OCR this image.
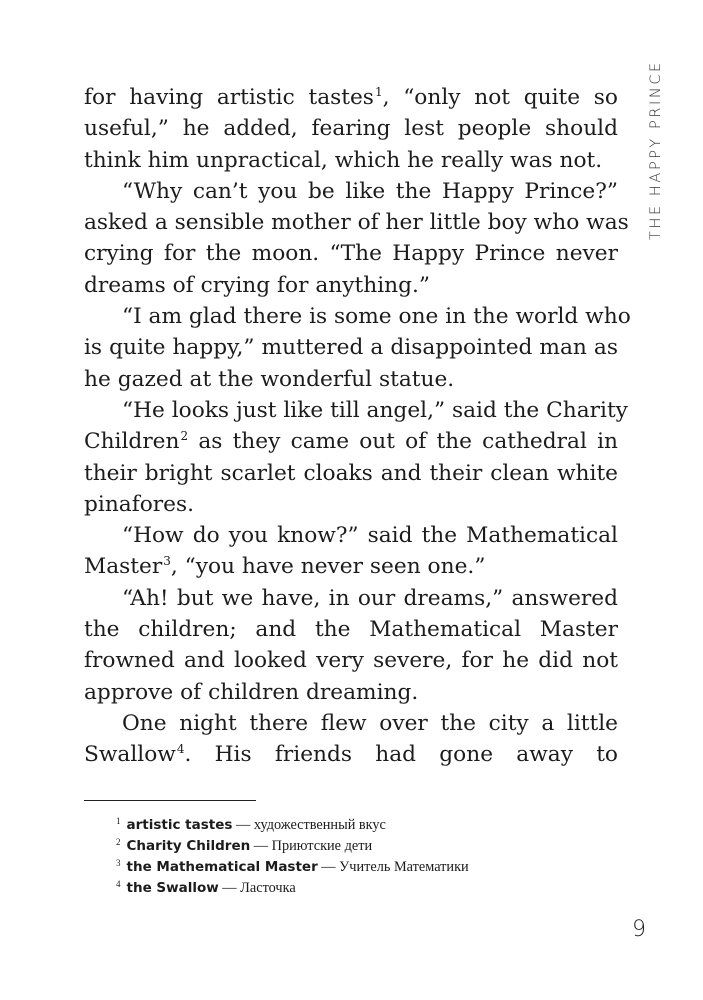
THE HAPPY PRINCE
for having artistic tastes$^1$, “only not quite so
useful,” he added, fearing lest people should
think him unpractical, which he really was not.
“Why can’t you be like the Happy Prince?”
asked a sensible mother of her little boy who was
crying for the moon. “The Happy Prince never
dreams of crying for anything.”
“I am glad there is some one in the world who
is quite happy,” muttered a disappointed man as
he gazed at the wonderful statue.
“He looks just like till angel,” said the Charity
Children$^2$ as they came out of the cathedral in
their bright scarlet cloaks and their clean white
pinafores.
“How do you know?” said the Mathematical
Master$^3$, “you have never seen one.”
“Ah! but we have, in our dreams,” answered
the children; and the Mathematical Master
frowned and looked very severe, for he did not
approve of children dreaming.
One night there flew over the city a little
Swallow$^4$. His friends had gone away to
$^1$ artistic tastes — художественный вкус
$^2$ Charity Children — Приютские дети
$^3$ the Mathematical Master — Учитель Математики
$^4$ the Swallow — Ласточка
9
